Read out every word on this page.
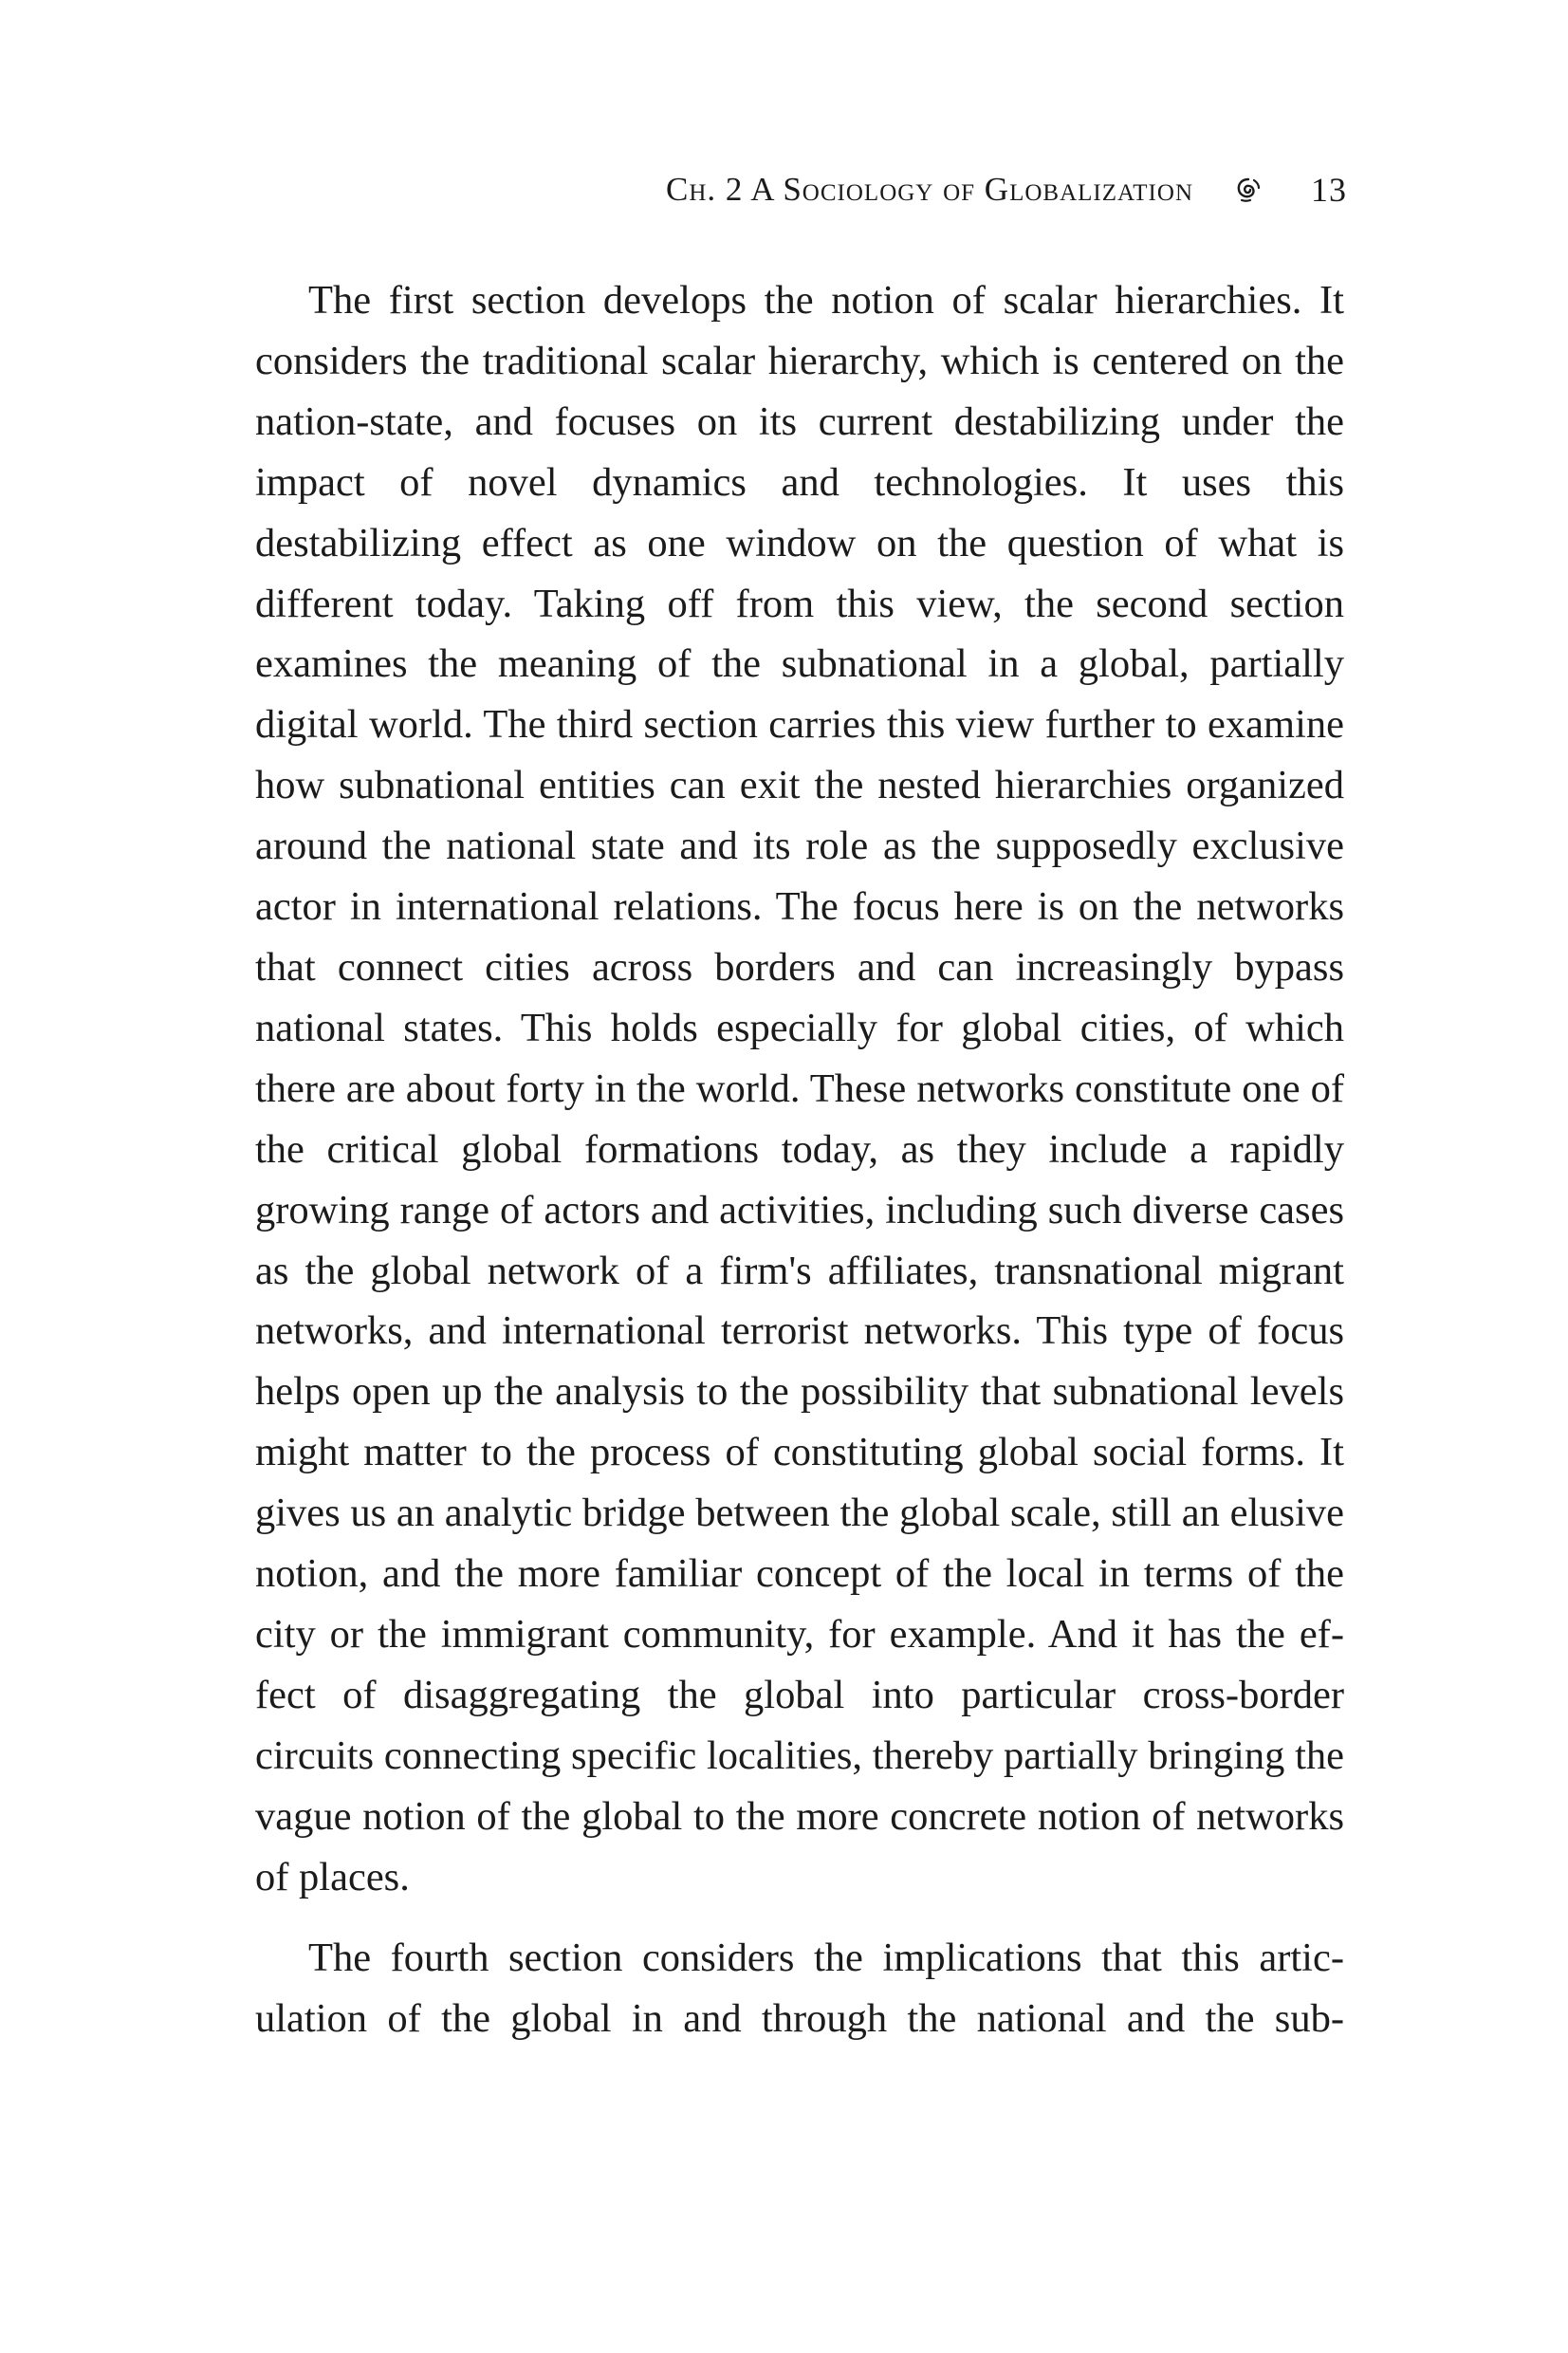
Ch. 2 A Sociology of Globalization	13

The first section develops the notion of scalar hierarchies. It considers the traditional scalar hierarchy, which is centered on the nation-state, and focuses on its current destabilizing under the impact of novel dynamics and technologies. It uses this destabilizing effect as one window on the question of what is different today. Taking off from this view, the second section examines the meaning of the subnational in a global, partially digital world. The third section carries this view further to examine how subnational entities can exit the nested hierarchies organized around the national state and its role as the supposedly exclusive actor in international relations. The focus here is on the networks that connect cities across borders and can increasingly bypass national states. This holds especially for global cities, of which there are about forty in the world. These networks constitute one of the critical global formations today, as they include a rapidly growing range of actors and activities, including such diverse cases as the global network of a firm's affiliates, transnational migrant networks, and international terrorist networks. This type of focus helps open up the analysis to the possibility that subnational levels might matter to the process of constituting global social forms. It gives us an analytic bridge between the global scale, still an elusive notion, and the more familiar concept of the local in terms of the city or the immigrant community, for example. And it has the effect of disaggregating the global into particular cross-border circuits connecting specific localities, thereby partially bringing the vague notion of the global to the more concrete notion of networks of places.

The fourth section considers the implications that this articulation of the global in and through the national and the sub-
